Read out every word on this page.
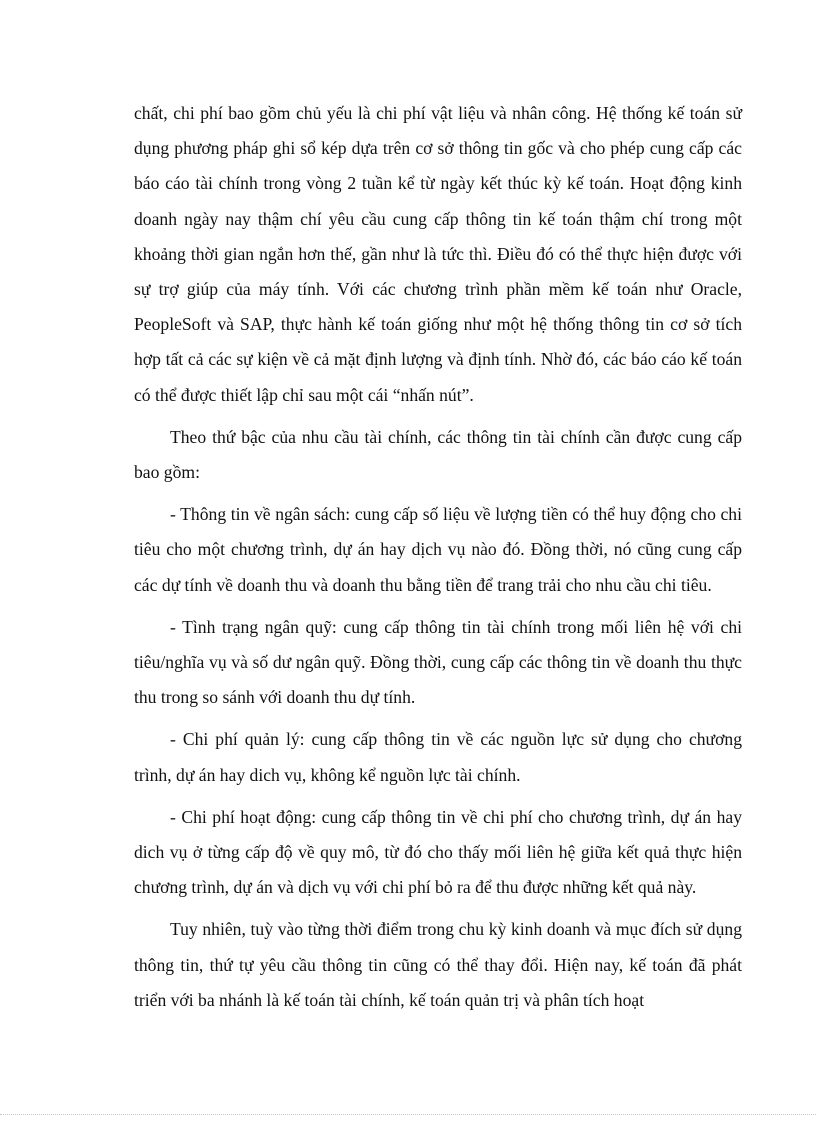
chất, chi phí bao gồm chủ yếu là chi phí vật liệu và nhân công. Hệ thống kế toán sử dụng phương pháp ghi sổ kép dựa trên cơ sở thông tin gốc và cho phép cung cấp các báo cáo tài chính trong vòng 2 tuần kể từ ngày kết thúc kỳ kế toán. Hoạt động kinh doanh ngày nay thậm chí yêu cầu cung cấp thông tin kế toán thậm chí trong một khoảng thời gian ngắn hơn thế, gần như là tức thì. Điều đó có thể thực hiện được với sự trợ giúp của máy tính. Với các chương trình phần mềm kế toán như Oracle, PeopleSoft và SAP, thực hành kế toán giống như một hệ thống thông tin cơ sở tích hợp tất cả các sự kiện về cả mặt định lượng và định tính. Nhờ đó, các báo cáo kế toán có thể được thiết lập chỉ sau một cái “nhấn nút”.

Theo thứ bậc của nhu cầu tài chính, các thông tin tài chính cần được cung cấp bao gồm:

- Thông tin về ngân sách: cung cấp số liệu về lượng tiền có thể huy động cho chi tiêu cho một chương trình, dự án hay dịch vụ nào đó. Đồng thời, nó cũng cung cấp các dự tính về doanh thu và doanh thu bằng tiền để trang trải cho nhu cầu chi tiêu.

- Tình trạng ngân quỹ: cung cấp thông tin tài chính trong mối liên hệ với chi tiêu/nghĩa vụ và số dư ngân quỹ. Đồng thời, cung cấp các thông tin về doanh thu thực thu trong so sánh với doanh thu dự tính.

- Chi phí quản lý: cung cấp thông tin về các nguồn lực sử dụng cho chương trình, dự án hay dich vụ, không kể nguồn lực tài chính.

- Chi phí hoạt động: cung cấp thông tin về chi phí cho chương trình, dự án hay dich vụ ở từng cấp độ về quy mô, từ đó cho thấy mối liên hệ giữa kết quả thực hiện chương trình, dự án và dịch vụ với chi phí bỏ ra để thu được những kết quả này.

Tuy nhiên, tuỳ vào từng thời điểm trong chu kỳ kinh doanh và mục đích sử dụng thông tin, thứ tự yêu cầu thông tin cũng có thể thay đổi. Hiện nay, kế toán đã phát triển với ba nhánh là kế toán tài chính, kế toán quản trị và phân tích hoạt
